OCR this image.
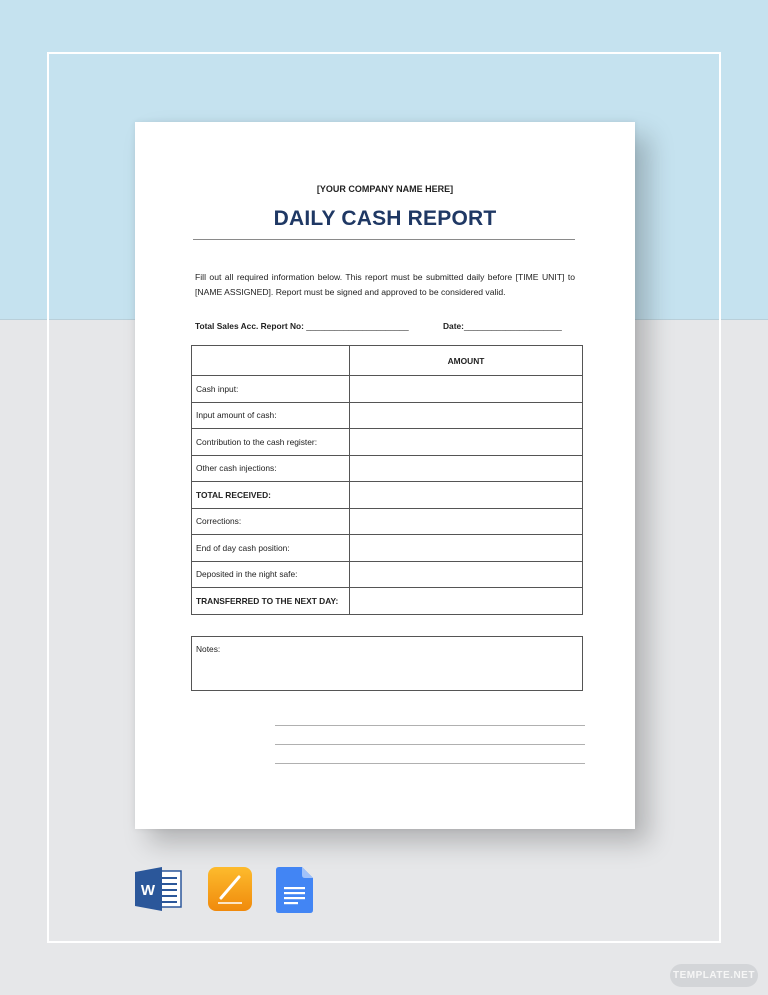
[YOUR COMPANY NAME HERE]
DAILY CASH REPORT
Fill out all required information below. This report must be submitted daily before [TIME UNIT] to [NAME ASSIGNED]. Report must be signed and approved to be considered valid.
Total Sales Acc. Report No: ______________________	Date:_____________________
	AMOUNT
Cash input:	
Input amount of cash:	
Contribution to the cash register:	
Other cash injections:	
TOTAL RECEIVED:	
Corrections:	
End of day cash position:	
Deposited in the night safe:	
TRANSFERRED TO THE NEXT DAY:	
Notes:
W
TEMPLATE.NET
